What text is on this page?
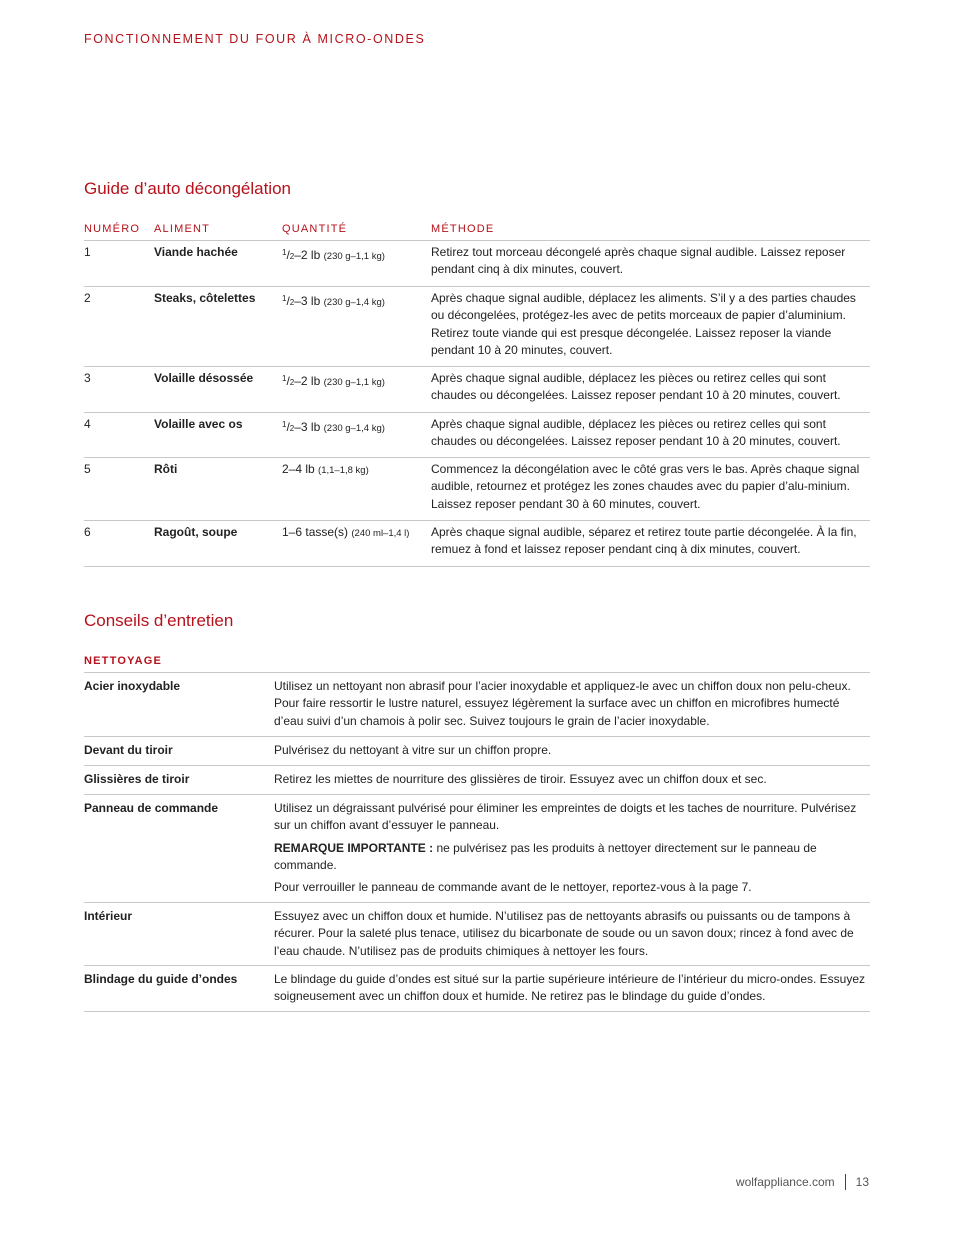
FONCTIONNEMENT DU FOUR À MICRO-ONDES
Guide d’auto décongélation
NUMÉRO	ALIMENT	QUANTITÉ	MÉTHODE
1	Viande hachée	$^1$/2–2 lb (230 g–1,1 kg)	Retirez tout morceau décongelé après chaque signal audible. Laissez reposer pendant cinq à dix minutes, couvert.
2	Steaks, côtelettes	$^1$/2–3 lb (230 g–1,4 kg)	Après chaque signal audible, déplacez les aliments. S’il y a des parties chaudes ou décongelées, protégez-les avec de petits morceaux de papier d’aluminium. Retirez toute viande qui est presque décongelée. Laissez reposer la viande pendant 10 à 20 minutes, couvert.
3	Volaille désossée	$^1$/2–2 lb (230 g–1,1 kg)	Après chaque signal audible, déplacez les pièces ou retirez celles qui sont chaudes ou décongelées. Laissez reposer pendant 10 à 20 minutes, couvert.
4	Volaille avec os	$^1$/2–3 lb (230 g–1,4 kg)	Après chaque signal audible, déplacez les pièces ou retirez celles qui sont chaudes ou décongelées. Laissez reposer pendant 10 à 20 minutes, couvert.
5	Rôti	2–4 lb (1,1–1,8 kg)	Commencez la décongélation avec le côté gras vers le bas. Après chaque signal audible, retournez et protégez les zones chaudes avec du papier d’alu-minium. Laissez reposer pendant 30 à 60 minutes, couvert.
6	Ragoût, soupe	1–6 tasse(s) (240 ml–1,4 l)	Après chaque signal audible, séparez et retirez toute partie décongelée. À la fin, remuez à fond et laissez reposer pendant cinq à dix minutes, couvert.
Conseils d’entretien
NETTOYAGE
Acier inoxydable	Utilisez un nettoyant non abrasif pour l’acier inoxydable et appliquez-le avec un chiffon doux non pelu-cheux. Pour faire ressortir le lustre naturel, essuyez légèrement la surface avec un chiffon en microfibres humecté d’eau suivi d’un chamois à polir sec. Suivez toujours le grain de l’acier inoxydable.

Devant du tiroir	Pulvérisez du nettoyant à vitre sur un chiffon propre.

Glissières de tiroir	Retirez les miettes de nourriture des glissières de tiroir. Essuyez avec un chiffon doux et sec.

Panneau de commande	Utilisez un dégraissant pulvérisé pour éliminer les empreintes de doigts et les taches de nourriture. Pulvérisez sur un chiffon avant d’essuyer le panneau.

REMARQUE IMPORTANTE : ne pulvérisez pas les produits à nettoyer directement sur le panneau de commande.

Pour verrouiller le panneau de commande avant de le nettoyer, reportez-vous à la page 7.

Intérieur	Essuyez avec un chiffon doux et humide. N’utilisez pas de nettoyants abrasifs ou puissants ou de tampons à récurer. Pour la saleté plus tenace, utilisez du bicarbonate de soude ou un savon doux; rincez à fond avec de l’eau chaude. N’utilisez pas de produits chimiques à nettoyer les fours.

Blindage du guide d’ondes	Le blindage du guide d’ondes est situé sur la partie supérieure intérieure de l’intérieur du micro-ondes. Essuyez soigneusement avec un chiffon doux et humide. Ne retirez pas le blindage du guide d’ondes.

wolfappliance.com 13
